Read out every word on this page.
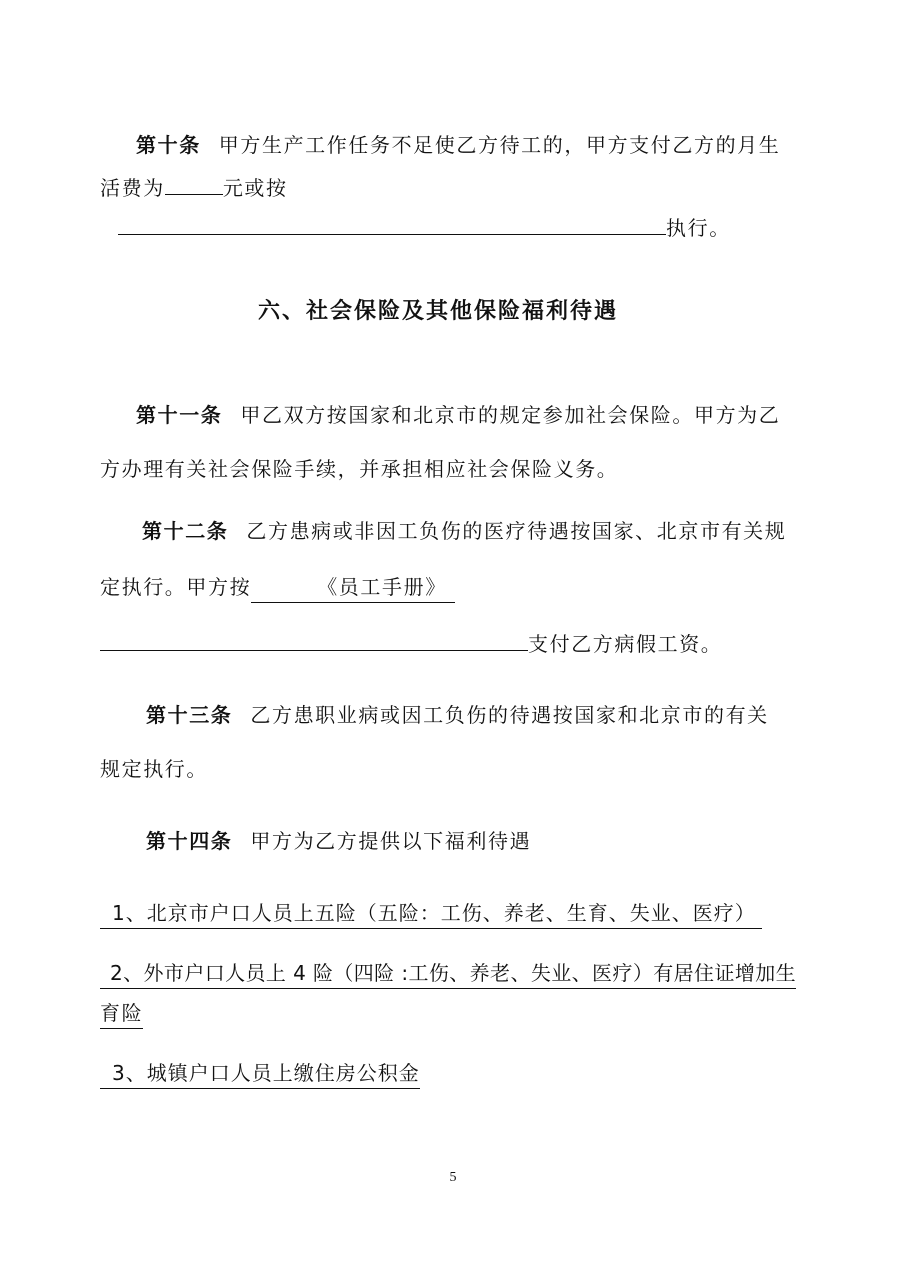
第十条 甲方生产工作任务不足使乙方待工的，甲方支付乙方的月生
活费为	元或按
执行。
六、社会保险及其他保险福利待遇
第十一条 甲乙双方按国家和北京市的规定参加社会保险。甲方为乙
方办理有关社会保险手续，并承担相应社会保险义务。
第十二条 乙方患病或非因工负伤的医疗待遇按国家、北京市有关规
定执行。甲方按	《员工手册》
支付乙方病假工资。
第十三条 乙方患职业病或因工负伤的待遇按国家和北京市的有关
规定执行。
第十四条 甲方为乙方提供以下福利待遇
1、北京市户口人员上五险（五险：工伤、养老、生育、失业、医疗）
2、外市户口人员上 4 险（四险 :工伤、养老、失业、医疗）有居住证增加生
育险
3、城镇户口人员上缴住房公积金
5
